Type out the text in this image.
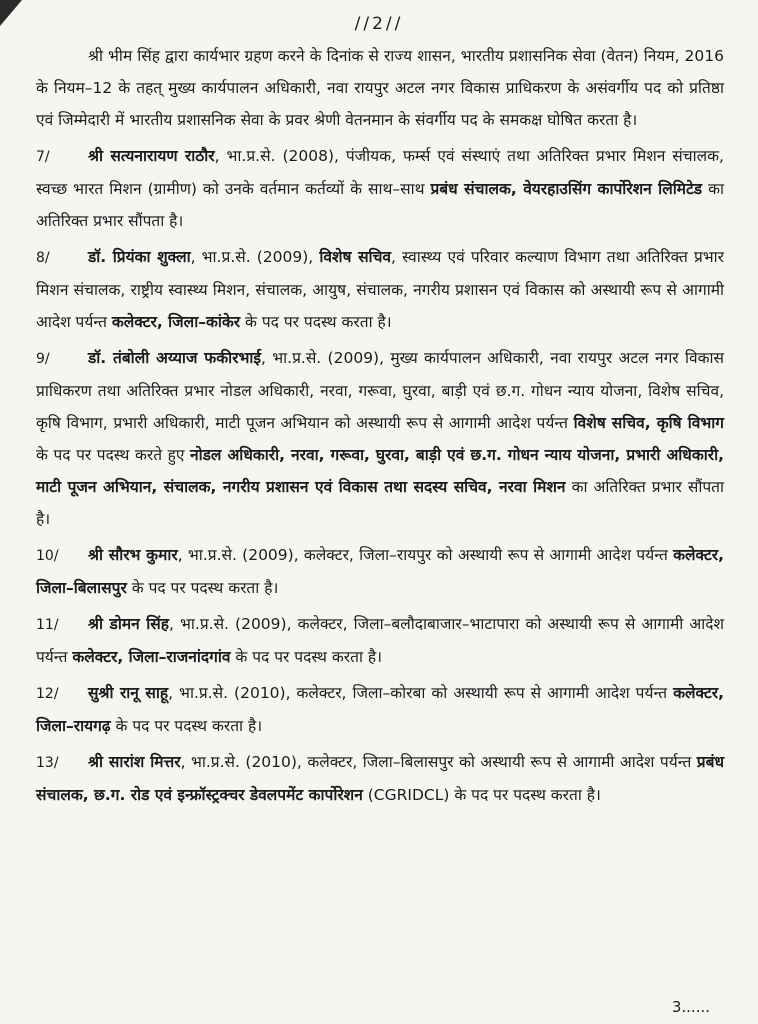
//2//

श्री भीम सिंह द्वारा कार्यभार ग्रहण करने के दिनांक से राज्य शासन, भारतीय प्रशासनिक सेवा (वेतन) नियम, 2016 के नियम–12 के तहत् मुख्य कार्यपालन अधिकारी, नवा रायपुर अटल नगर विकास प्राधिकरण के असंवर्गीय पद को प्रतिष्ठा एवं जिम्मेदारी में भारतीय प्रशासनिक सेवा के प्रवर श्रेणी वेतनमान के संवर्गीय पद के समकक्ष घोषित करता है।

7/ श्री सत्यनारायण राठौर, भा.प्र.से. (2008), पंजीयक, फर्म्स एवं संस्थाएं तथा अतिरिक्त प्रभार मिशन संचालक, स्वच्छ भारत मिशन (ग्रामीण) को उनके वर्तमान कर्तव्यों के साथ–साथ प्रबंध संचालक, वेयरहाउसिंग कार्पोरेशन लिमिटेड का अतिरिक्त प्रभार सौंपता है।

8/ डॉ. प्रियंका शुक्ला, भा.प्र.से. (2009), विशेष सचिव, स्वास्थ्य एवं परिवार कल्याण विभाग तथा अतिरिक्त प्रभार मिशन संचालक, राष्ट्रीय स्वास्थ्य मिशन, संचालक, आयुष, संचालक, नगरीय प्रशासन एवं विकास को अस्थायी रूप से आगामी आदेश पर्यन्त कलेक्टर, जिला–कांकेर के पद पर पदस्थ करता है।

9/ डॉ. तंबोली अय्याज फकीरभाई, भा.प्र.से. (2009), मुख्य कार्यपालन अधिकारी, नवा रायपुर अटल नगर विकास प्राधिकरण तथा अतिरिक्त प्रभार नोडल अधिकारी, नरवा, गरूवा, घुरवा, बाड़ी एवं छ.ग. गोधन न्याय योजना, विशेष सचिव, कृषि विभाग, प्रभारी अधिकारी, माटी पूजन अभियान को अस्थायी रूप से आगामी आदेश पर्यन्त विशेष सचिव, कृषि विभाग के पद पर पदस्थ करते हुए नोडल अधिकारी, नरवा, गरूवा, घुरवा, बाड़ी एवं छ.ग. गोधन न्याय योजना, प्रभारी अधिकारी, माटी पूजन अभियान, संचालक, नगरीय प्रशासन एवं विकास तथा सदस्य सचिव, नरवा मिशन का अतिरिक्त प्रभार सौंपता है।

10/ श्री सौरभ कुमार, भा.प्र.से. (2009), कलेक्टर, जिला–रायपुर को अस्थायी रूप से आगामी आदेश पर्यन्त कलेक्टर, जिला–बिलासपुर के पद पर पदस्थ करता है।

11/ श्री डोमन सिंह, भा.प्र.से. (2009), कलेक्टर, जिला–बलौदाबाजार–भाटापारा को अस्थायी रूप से आगामी आदेश पर्यन्त कलेक्टर, जिला–राजनांदगांव के पद पर पदस्थ करता है।

12/ सुश्री रानू साहू, भा.प्र.से. (2010), कलेक्टर, जिला–कोरबा को अस्थायी रूप से आगामी आदेश पर्यन्त कलेक्टर, जिला–रायगढ़ के पद पर पदस्थ करता है।

13/ श्री सारांश मित्तर, भा.प्र.से. (2010), कलेक्टर, जिला–बिलासपुर को अस्थायी रूप से आगामी आदेश पर्यन्त प्रबंध संचालक, छ.ग. रोड एवं इन्फ्रॉस्ट्रक्चर डेवलपमेंट कार्पोरेशन (CGRIDCL) के पद पर पदस्थ करता है।

3......
